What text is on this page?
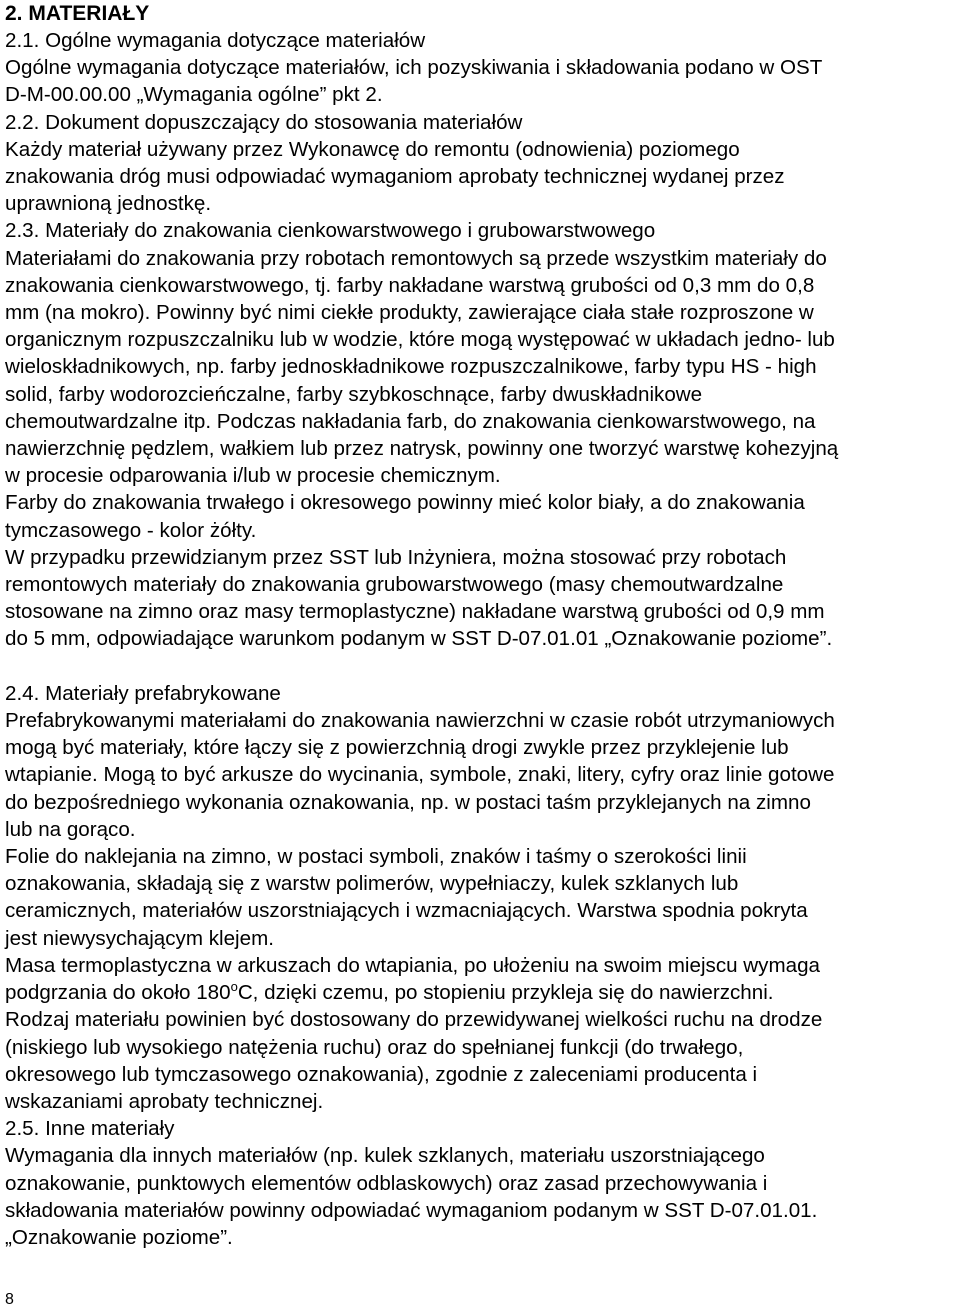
2. MATERIAŁY
2.1. Ogólne wymagania dotyczące materiałów
Ogólne wymagania dotyczące materiałów, ich pozyskiwania i składowania podano w OST
D-M-00.00.00 „Wymagania ogólne” pkt 2.
2.2. Dokument dopuszczający do stosowania materiałów
Każdy materiał używany przez Wykonawcę do remontu (odnowienia) poziomego
znakowania dróg musi odpowiadać wymaganiom aprobaty technicznej wydanej przez
uprawnioną jednostkę.
2.3. Materiały do znakowania cienkowarstwowego i grubowarstwowego
Materiałami do znakowania przy robotach remontowych są przede wszystkim materiały do
znakowania cienkowarstwowego, tj. farby nakładane warstwą grubości od 0,3 mm do 0,8
mm (na mokro). Powinny być nimi ciekłe produkty, zawierające ciała stałe rozproszone w
organicznym rozpuszczalniku lub w wodzie, które mogą występować w układach jedno- lub
wieloskładnikowych, np. farby jednoskładnikowe rozpuszczalnikowe, farby typu HS - high
solid, farby wodorozcieńczalne, farby szybkoschnące, farby dwuskładnikowe
chemoutwardzalne itp. Podczas nakładania farb, do znakowania cienkowarstwowego, na
nawierzchnię pędzlem, wałkiem lub przez natrysk, powinny one tworzyć warstwę kohezyjną
w procesie odparowania i/lub w procesie chemicznym.
Farby do znakowania trwałego i okresowego powinny mieć kolor biały, a do znakowania
tymczasowego - kolor żółty.
W przypadku przewidzianym przez SST lub Inżyniera, można stosować przy robotach
remontowych materiały do znakowania grubowarstwowego (masy chemoutwardzalne
stosowane na zimno oraz masy termoplastyczne) nakładane warstwą grubości od 0,9 mm
do 5 mm, odpowiadające warunkom podanym w SST D-07.01.01 „Oznakowanie poziome”.
2.4. Materiały prefabrykowane
Prefabrykowanymi materiałami do znakowania nawierzchni w czasie robót utrzymaniowych
mogą być materiały, które łączy się z powierzchnią drogi zwykle przez przyklejenie lub
wtapianie. Mogą to być arkusze do wycinania, symbole, znaki, litery, cyfry oraz linie gotowe
do bezpośredniego wykonania oznakowania, np. w postaci taśm przyklejanych na zimno
lub na gorąco.
Folie do naklejania na zimno, w postaci symboli, znaków i taśmy o szerokości linii
oznakowania, składają się z warstw polimerów, wypełniaczy, kulek szklanych lub
ceramicznych, materiałów uszorstniających i wzmacniających. Warstwa spodnia pokryta
jest niewysychającym klejem.
Masa termoplastyczna w arkuszach do wtapiania, po ułożeniu na swoim miejscu wymaga
podgrzania do około 180$^o$C, dzięki czemu, po stopieniu przykleja się do nawierzchni.
Rodzaj materiału powinien być dostosowany do przewidywanej wielkości ruchu na drodze
(niskiego lub wysokiego natężenia ruchu) oraz do spełnianej funkcji (do trwałego,
okresowego lub tymczasowego oznakowania), zgodnie z zaleceniami producenta i
wskazaniami aprobaty technicznej.
2.5. Inne materiały
Wymagania dla innych materiałów (np. kulek szklanych, materiału uszorstniającego
oznakowanie, punktowych elementów odblaskowych) oraz zasad przechowywania i
składowania materiałów powinny odpowiadać wymaganiom podanym w SST D-07.01.01.
„Oznakowanie poziome”.
8
